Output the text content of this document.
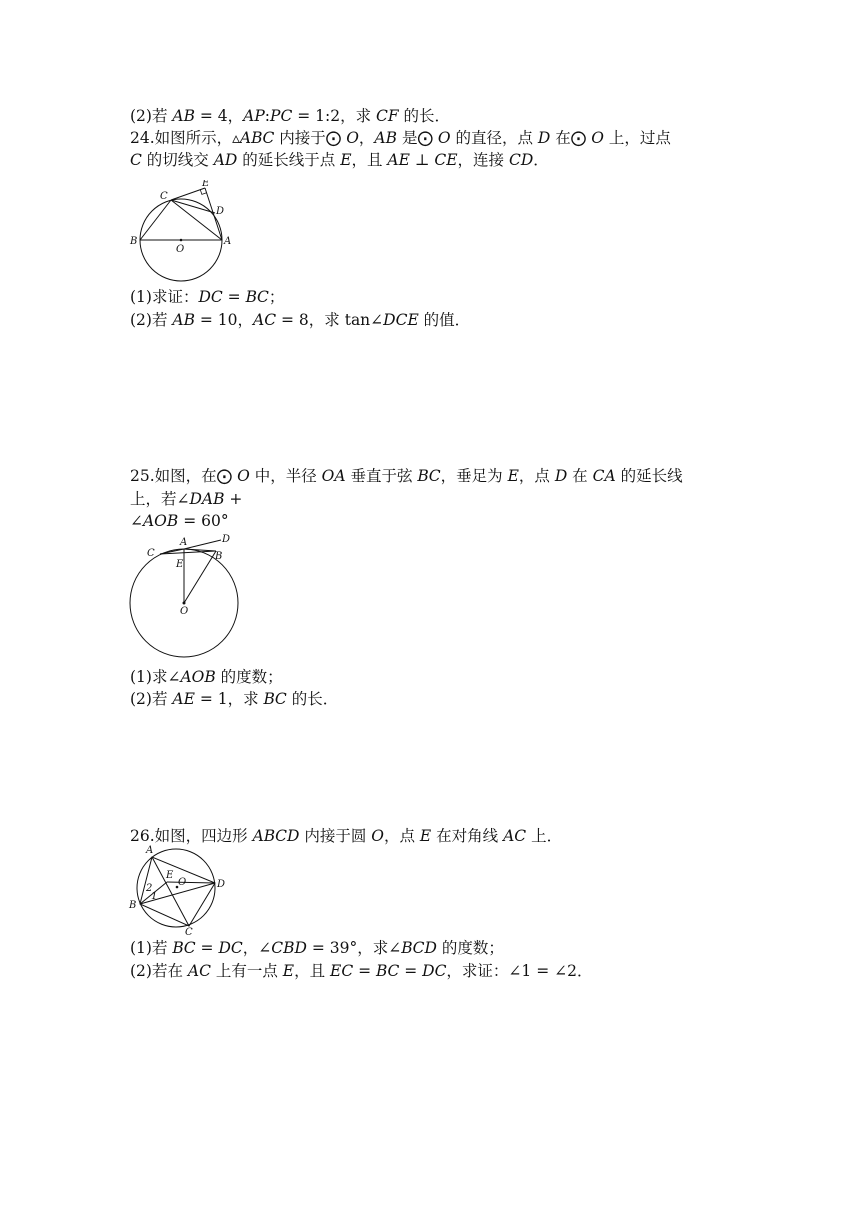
(2)若 𝐴𝐵 = 4，𝐴𝑃:𝑃𝐶 = 1:2，求 𝐶𝐹 的长．
24.如图所示，▵𝐴𝐵𝐶 内接于⨀ 𝑂，𝐴𝐵 是⨀ 𝑂 的直径，点 𝐷 在⨀ 𝑂 上，过点
𝐶 的切线交 𝐴𝐷 的延长线于点 𝐸，且 𝐴𝐸 ⊥ 𝐶𝐸，连接 𝐶𝐷．
E
C
D
B	A
O
(1)求证：𝐷𝐶 = 𝐵𝐶；
(2)若 𝐴𝐵 = 10，𝐴𝐶 = 8，求 tan∠𝐷𝐶𝐸 的值．
25.如图，在⨀ 𝑂 中，半径 𝑂𝐴 垂直于弦 𝐵𝐶，垂足为 𝐸，点 𝐷 在 𝐶𝐴 的延长线
上，若∠𝐷𝐴𝐵 +
∠𝐴𝑂𝐵 = 60°
A	D
C	B
E
O
(1)求∠𝐴𝑂𝐵 的度数；
(2)若 𝐴𝐸 = 1，求 𝐵𝐶 的长．
26.如图，四边形 𝐴𝐵𝐶𝐷 内接于圆 𝑂，点 𝐸 在对角线 𝐴𝐶 上．
A
E
O	D
B
C
2
1
(1)若 𝐵𝐶 = 𝐷𝐶，∠𝐶𝐵𝐷 = 39°，求∠𝐵𝐶𝐷 的度数；
(2)若在 𝐴𝐶 上有一点 𝐸，且 𝐸𝐶 = 𝐵𝐶 = 𝐷𝐶，求证：∠1 = ∠2．
